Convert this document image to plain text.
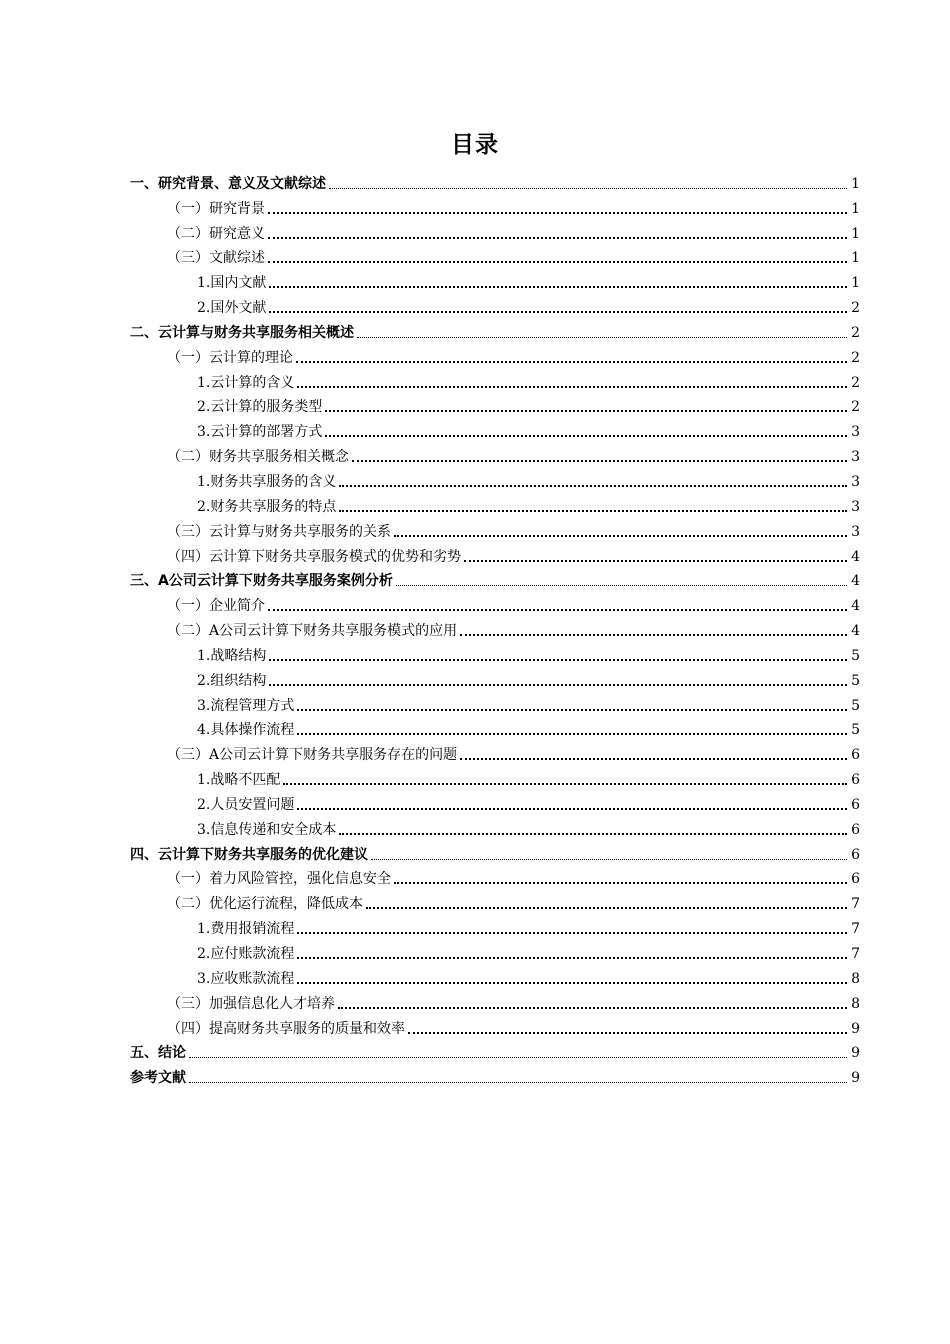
目录
一、研究背景、意义及文献综述	1
（一）研究背景	1
（二）研究意义	1
（三）文献综述	1
1.国内文献	1
2.国外文献	2
二、云计算与财务共享服务相关概述	2
（一）云计算的理论	2
1.云计算的含义	2
2.云计算的服务类型	2
3.云计算的部署方式	3
（二）财务共享服务相关概念	3
1.财务共享服务的含义	3
2.财务共享服务的特点	3
（三）云计算与财务共享服务的关系	3
（四）云计算下财务共享服务模式的优势和劣势	4
三、A公司云计算下财务共享服务案例分析	4
（一）企业简介	4
（二）A公司云计算下财务共享服务模式的应用	4
1.战略结构	5
2.组织结构	5
3.流程管理方式	5
4.具体操作流程	5
（三）A公司云计算下财务共享服务存在的问题	6
1.战略不匹配	6
2.人员安置问题	6
3.信息传递和安全成本	6
四、云计算下财务共享服务的优化建议	6
（一）着力风险管控，强化信息安全	6
（二）优化运行流程，降低成本	7
1.费用报销流程	7
2.应付账款流程	7
3.应收账款流程	8
（三）加强信息化人才培养	8
（四）提高财务共享服务的质量和效率	9
五、结论	9
参考文献	9
